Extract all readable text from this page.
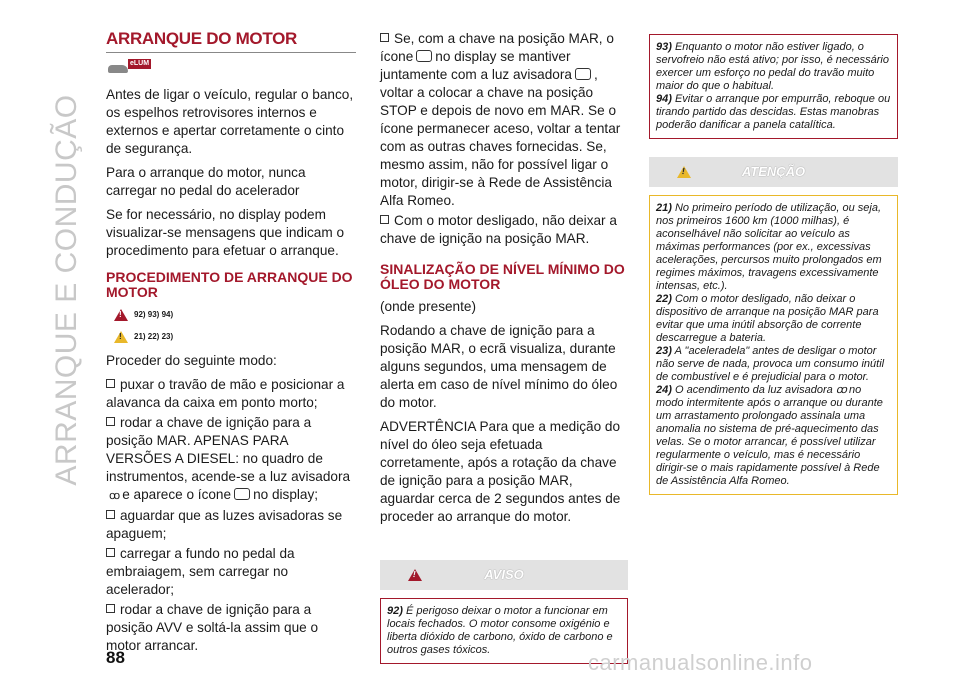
ARRANQUE E CONDUÇÃO
ARRANQUE DO MOTOR
eLUM

Antes de ligar o veículo, regular o banco, os espelhos retrovisores internos e externos e apertar corretamente o cinto de segurança.

Para o arranque do motor, nunca carregar no pedal do acelerador

Se for necessário, no display podem visualizar-se mensagens que indicam o procedimento para efetuar o arranque.

PROCEDIMENTO DE ARRANQUE DO MOTOR
!
92) 93) 94)
!
21) 22) 23)

Proceder do seguinte modo:

puxar o travão de mão e posicionar a alavanca da caixa em ponto morto;
rodar a chave de ignição para a posição MAR. APENAS PARA VERSÕES A DIESEL: no quadro de instrumentos, acende-se a luz avisadoraꝏ e aparece o ícone no display;
aguardar que as luzes avisadoras se apaguem;
carregar a fundo no pedal da embraiagem, sem carregar no acelerador;
rodar a chave de ignição para a posição AVV e soltá-la assim que o motor arrancar.
Se, com a chave na posição MAR, o ícone no display se mantiver juntamente com a luz avisadora , voltar a colocar a chave na posição STOP e depois de novo em MAR. Se o ícone permanecer aceso, voltar a tentar com as outras chaves fornecidas. Se, mesmo assim, não for possível ligar o motor, dirigir-se à Rede de Assistência Alfa Romeo.
Com o motor desligado, não deixar a chave de ignição na posição MAR.
SINALIZAÇÃO DE NÍVEL MÍNIMO DO ÓLEO DO MOTOR

(onde presente)

Rodando a chave de ignição para a posição MAR, o ecrã visualiza, durante alguns segundos, uma mensagem de alerta em caso de nível mínimo do óleo do motor.

ADVERTÊNCIA Para que a medição do nível do óleo seja efetuada corretamente, após a rotação da chave de ignição para a posição MAR, aguardar cerca de 2 segundos antes de proceder ao arranque do motor.

!
AVISO
92) É perigoso deixar o motor a funcionar em locais fechados. O motor consome oxigénio e liberta dióxido de carbono, óxido de carbono e outros gases tóxicos.
93) Enquanto o motor não estiver ligado, o servofreio não está ativo; por isso, é necessário exercer um esforço no pedal do travão muito maior do que o habitual.
94) Evitar o arranque por empurrão, reboque ou tirando partido das descidas. Estas manobras poderão danificar a panela catalítica.
!
ATENÇÃO
21) No primeiro período de utilização, ou seja, nos primeiros 1600 km (1000 milhas), é aconselhável não solicitar ao veículo as máximas performances (por ex., excessivas acelerações, percursos muito prolongados em regimes máximos, travagens excessivamente intensas, etc.).
22) Com o motor desligado, não deixar o dispositivo de arranque na posição MAR para evitar que uma inútil absorção de corrente descarregue a bateria.
23) A "aceleradela" antes de desligar o motor não serve de nada, provoca um consumo inútil de combustível e é prejudicial para o motor.
24) O acendimento da luz avisadora ꝏ no modo intermitente após o arranque ou durante um arrastamento prolongado assinala uma anomalia no sistema de pré-aquecimento das velas. Se o motor arrancar, é possível utilizar regularmente o veículo, mas é necessário dirigir-se o mais rapidamente possível à Rede de Assistência Alfa Romeo.
88	carmanualsonline.info
